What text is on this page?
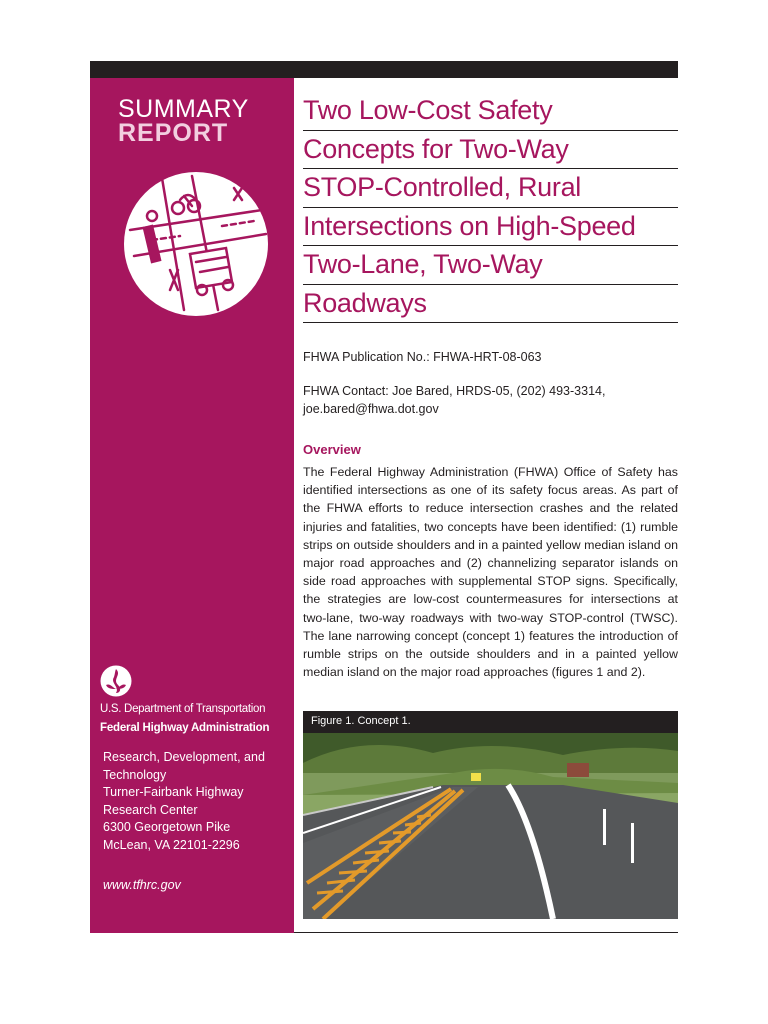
SUMMARY
REPORT
U.S. Department of Transportation
Federal Highway Administration
Research, Development, and
Technology
Turner-Fairbank Highway
Research Center
6300 Georgetown Pike
McLean, VA 22101-2296
www.tfhrc.gov
Two Low-Cost Safety
Concepts for Two-Way
STOP-Controlled, Rural
Intersections on High-Speed
Two-Lane, Two-Way
Roadways
FHWA Publication No.: FHWA-HRT-08-063
FHWA Contact: Joe Bared, HRDS-05, (202) 493-3314,
joe.bared@fhwa.dot.gov
Overview
The Federal Highway Administration (FHWA) Office of Safety has identified intersections as one of its safety focus areas. As part of the FHWA efforts to reduce intersection crashes and the related injuries and fatalities, two concepts have been identified: (1) rumble strips on outside shoulders and in a painted yellow median island on major road approaches and (2) channelizing separator islands on side road approaches with supplemental STOP signs. Specifically, the strategies are low-cost countermeasures for intersections at two-lane, two-way roadways with two-way STOP-control (TWSC). The lane narrowing concept (concept 1) features the introduction of rumble strips on the outside shoulders and in a painted yellow median island on the major road approaches (figures 1 and 2).
Figure 1. Concept 1.
